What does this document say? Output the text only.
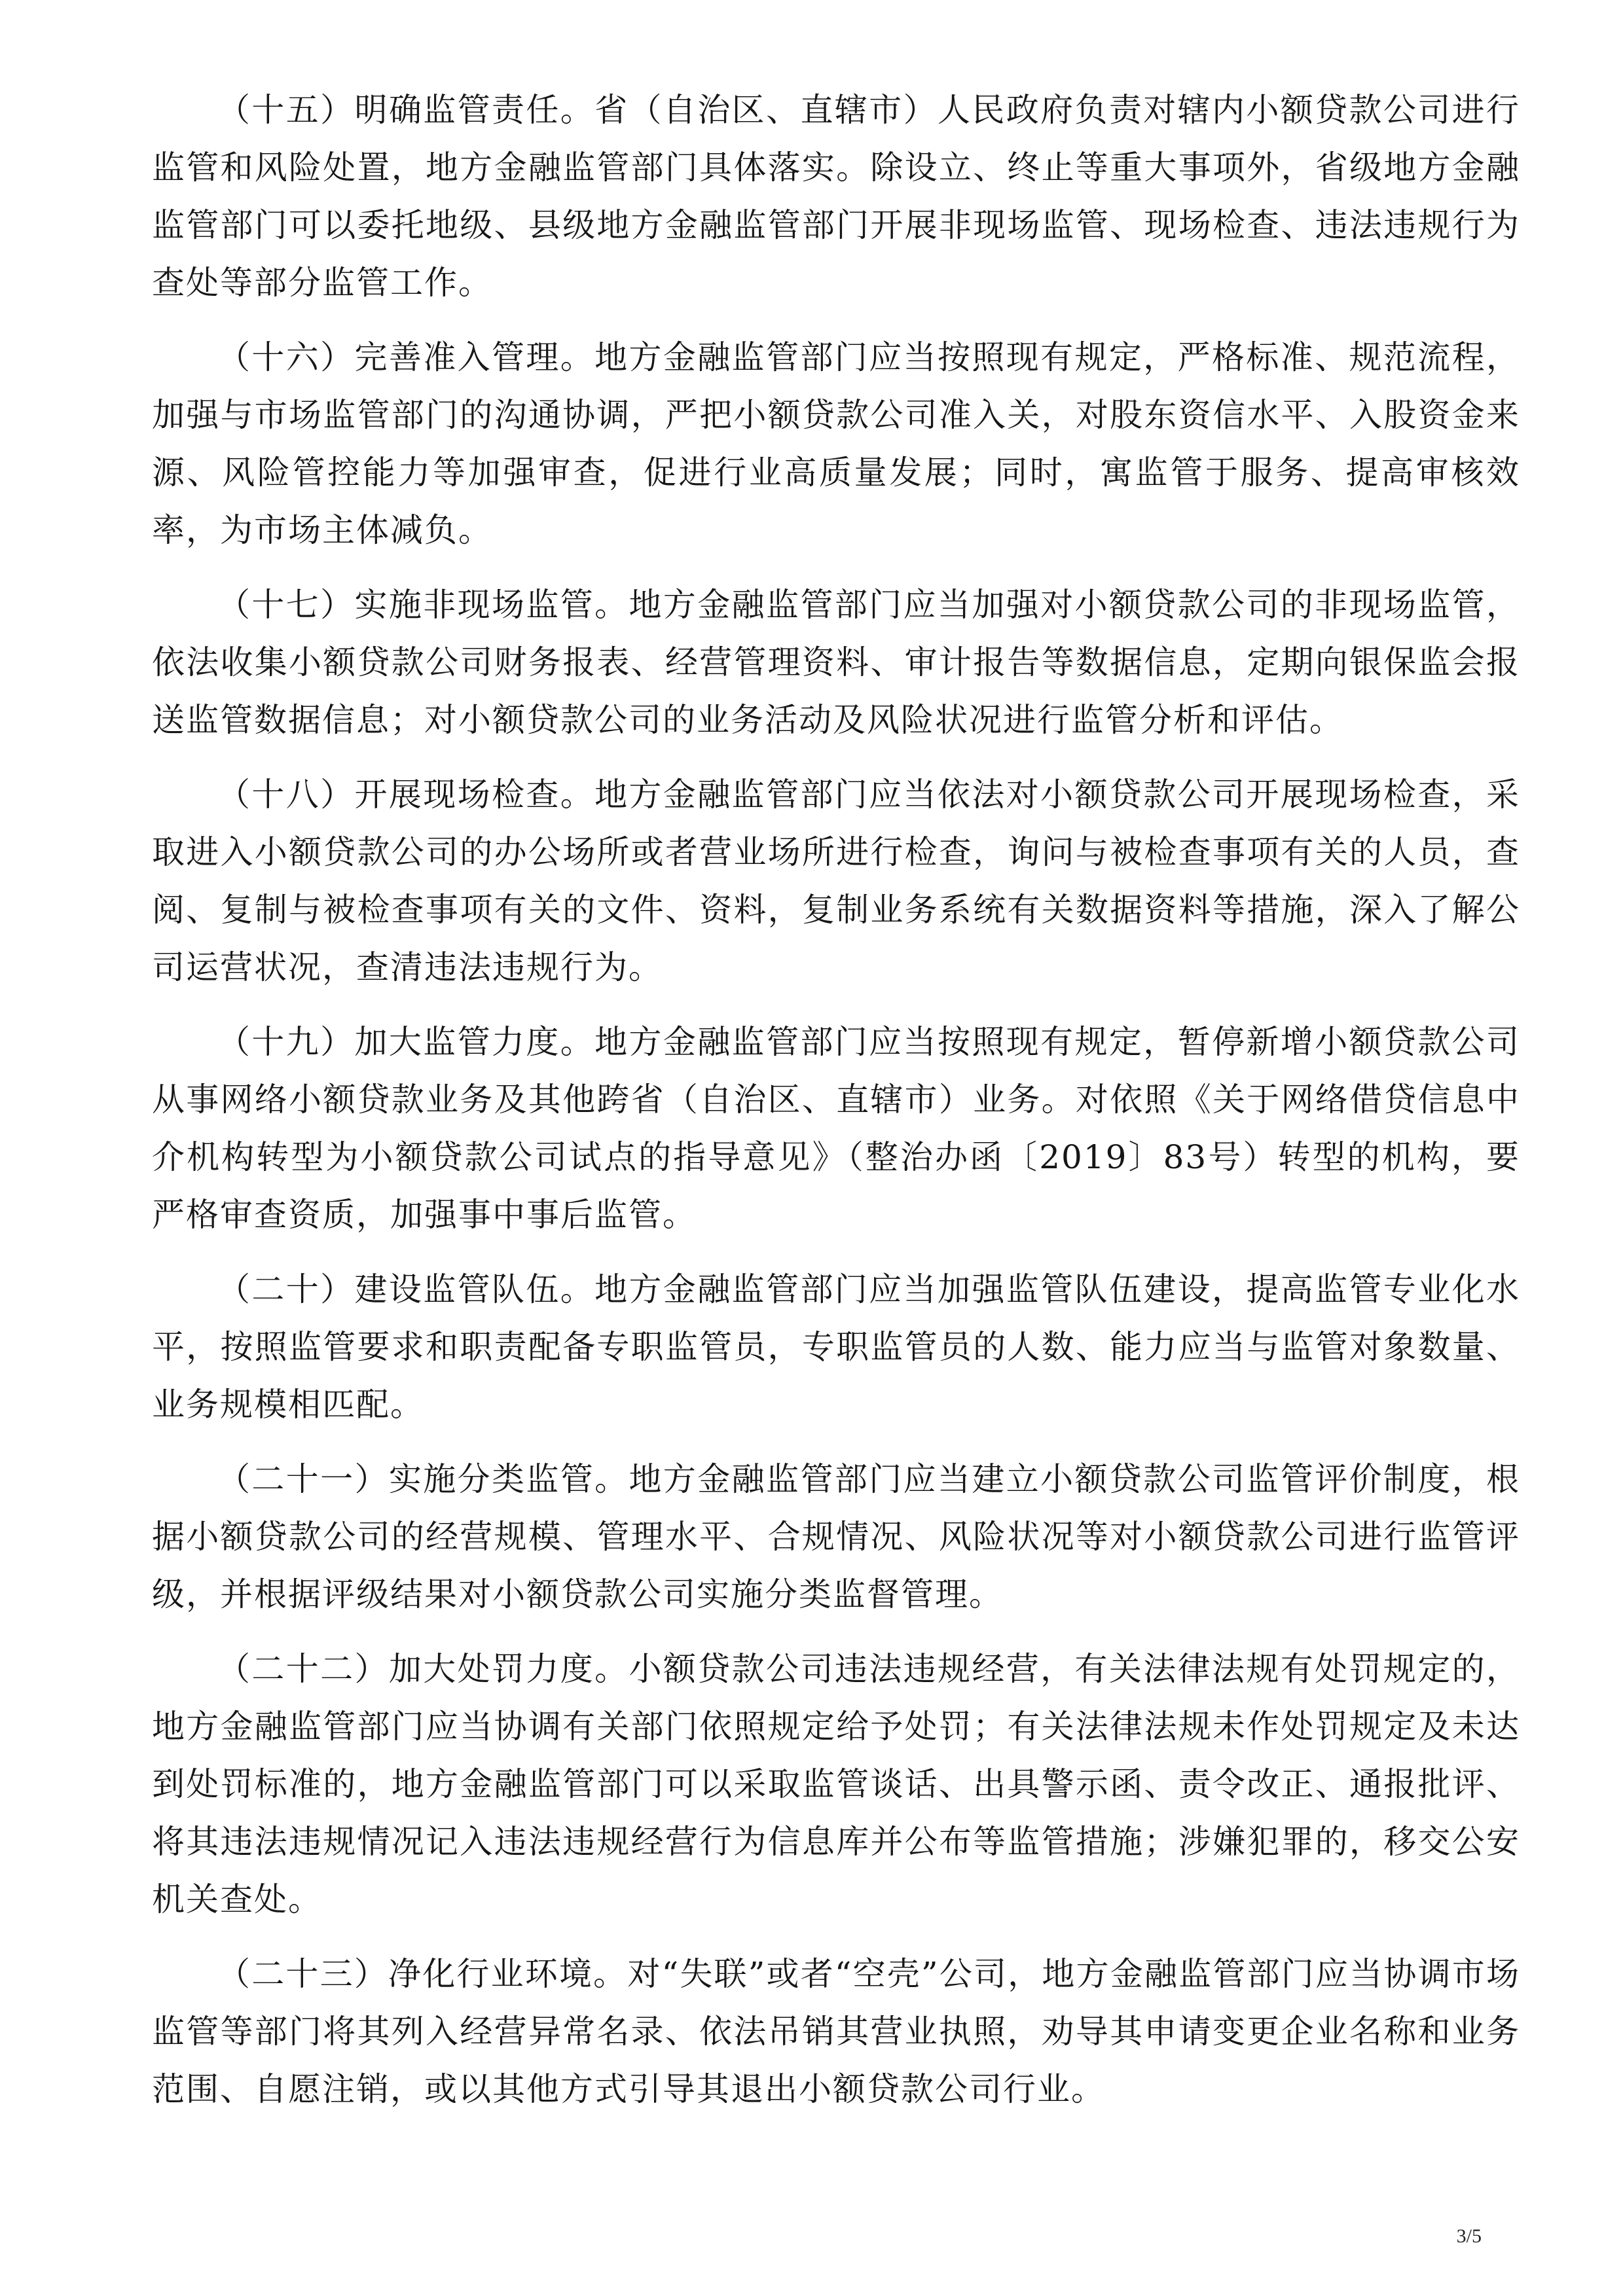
（十五）明确监管责任。省（自治区、直辖市）人民政府负责对辖内小额贷款公司进行监管和风险处置，地方金融监管部门具体落实。除设立、终止等重大事项外，省级地方金融监管部门可以委托地级、县级地方金融监管部门开展非现场监管、现场检查、违法违规行为查处等部分监管工作。

（十六）完善准入管理。地方金融监管部门应当按照现有规定，严格标准、规范流程，加强与市场监管部门的沟通协调，严把小额贷款公司准入关，对股东资信水平、入股资金来源、风险管控能力等加强审查，促进行业高质量发展；同时，寓监管于服务、提高审核效率，为市场主体减负。

（十七）实施非现场监管。地方金融监管部门应当加强对小额贷款公司的非现场监管，依法收集小额贷款公司财务报表、经营管理资料、审计报告等数据信息，定期向银保监会报送监管数据信息；对小额贷款公司的业务活动及风险状况进行监管分析和评估。

（十八）开展现场检查。地方金融监管部门应当依法对小额贷款公司开展现场检查，采取进入小额贷款公司的办公场所或者营业场所进行检查，询问与被检查事项有关的人员，查阅、复制与被检查事项有关的文件、资料，复制业务系统有关数据资料等措施，深入了解公司运营状况，查清违法违规行为。

（十九）加大监管力度。地方金融监管部门应当按照现有规定，暂停新增小额贷款公司从事网络小额贷款业务及其他跨省（自治区、直辖市）业务。对依照《关于网络借贷信息中介机构转型为小额贷款公司试点的指导意见》（整治办函〔2019〕83号）转型的机构，要严格审查资质，加强事中事后监管。

（二十）建设监管队伍。地方金融监管部门应当加强监管队伍建设，提高监管专业化水平，按照监管要求和职责配备专职监管员，专职监管员的人数、能力应当与监管对象数量、业务规模相匹配。

（二十一）实施分类监管。地方金融监管部门应当建立小额贷款公司监管评价制度，根据小额贷款公司的经营规模、管理水平、合规情况、风险状况等对小额贷款公司进行监管评级，并根据评级结果对小额贷款公司实施分类监督管理。

（二十二）加大处罚力度。小额贷款公司违法违规经营，有关法律法规有处罚规定的，地方金融监管部门应当协调有关部门依照规定给予处罚；有关法律法规未作处罚规定及未达到处罚标准的，地方金融监管部门可以采取监管谈话、出具警示函、责令改正、通报批评、将其违法违规情况记入违法违规经营行为信息库并公布等监管措施；涉嫌犯罪的，移交公安机关查处。

（二十三）净化行业环境。对“失联”或者“空壳”公司，地方金融监管部门应当协调市场监管等部门将其列入经营异常名录、依法吊销其营业执照，劝导其申请变更企业名称和业务范围、自愿注销，或以其他方式引导其退出小额贷款公司行业。

3/5
